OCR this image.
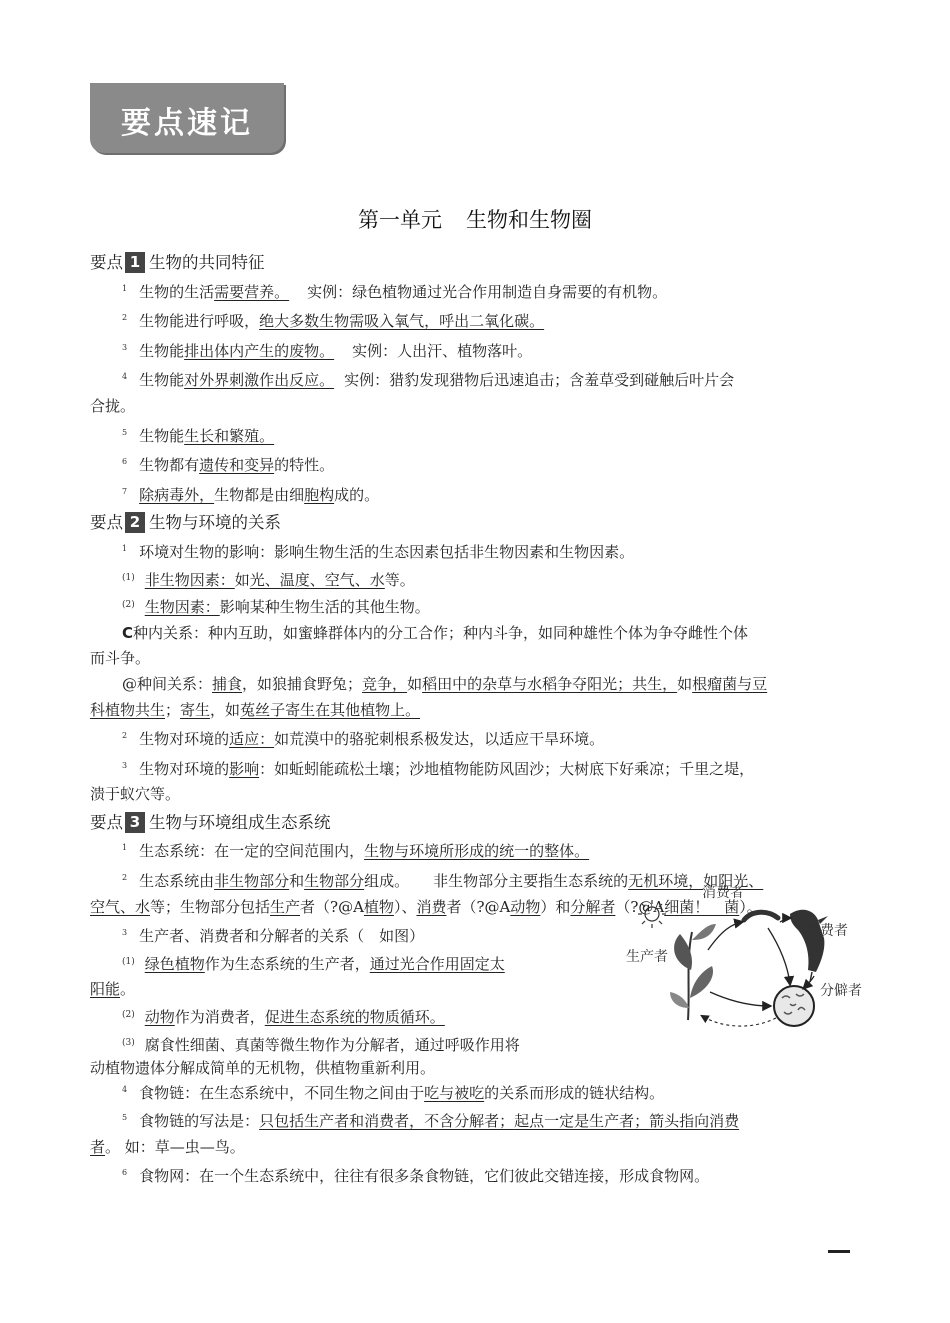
要点速记
第一单元 生物和生物圈
要点 1 生物的共同特征

$^1$ 生物的生活需要营养。 实例：绿色植物通过光合作用制造自身需要的有机物。

$^2$ 生物能进行呼吸，绝大多数生物需吸入氧气，呼出二氧化碳。

$^3$ 生物能排出体内产生的废物。 实例：人出汗、植物落叶。

$^4$ 生物能对外界刺激作出反应。 实例：猎豹发现猎物后迅速追击；含羞草受到碰触后叶片会

合拢。

$^5$ 生物能生长和繁殖。

$^6$ 生物都有遗传和变异的特性。

$^7$ 除病毒外，生物都是由细胞构成的。

要点 2 生物与环境的关系

$^1$ 环境对生物的影响：影响生物生活的生态因素包括非生物因素和生物因素。

$^{(1)}$ 非生物因素：如光、温度、空气、水等。

$^{(2)}$ 生物因素：影响某种生物生活的其他生物。

C种内关系：种内互助，如蜜蜂群体内的分工合作；种内斗争，如同种雄性个体为争夺雌性个体

而斗争。

@种间关系：捕食，如狼捕食野兔；竞争，如稻田中的杂草与水稻争夺阳光；共生，如根瘤菌与豆

科植物共生；寄生，如菟丝子寄生在其他植物上。

$^2$ 生物对环境的适应：如荒漠中的骆驼刺根系极发达，以适应干旱环境。

$^3$ 生物对环境的影响：如蚯蚓能疏松土壤；沙地植物能防风固沙；大树底下好乘凉；千里之堤，

溃于蚁穴等。

要点 3 生物与环境组成生态系统

$^1$ 生态系统：在一定的空间范围内，生物与环境所形成的统一的整体。

$^2$ 生态系统由非生物部分和生物部分组成。 非生物部分主要指生态系统的无机环境，如阳光、

空气、水等；生物部分包括生产者（?@A植物）、消费者（?@A动物）和分解者（?@A细菌！　菌）。

$^3$ 生产者、消费者和分解者的关系（　如图）

$^{(1)}$ 绿色植物作为生态系统的生产者，通过光合作用固定太

阳能。

$^{(2)}$ 动物作为消费者，促进生态系统的物质循环。

$^{(3)}$ 腐食性细菌、真菌等微生物作为分解者，通过呼吸作用将

动植物遗体分解成简单的无机物，供植物重新利用。

$^4$ 食物链：在生态系统中，不同生物之间由于吃与被吃的关系而形成的链状结构。

$^5$ 食物链的写法是：只包括生产者和消费者，不含分解者；起点一定是生产者；箭头指向消费

者。 如：草—虫—鸟。

$^6$ 食物网：在一个生态系统中，往往有很多条食物链，它们彼此交错连接，形成食物网。

消费者
消费者
生产者
分僻者
